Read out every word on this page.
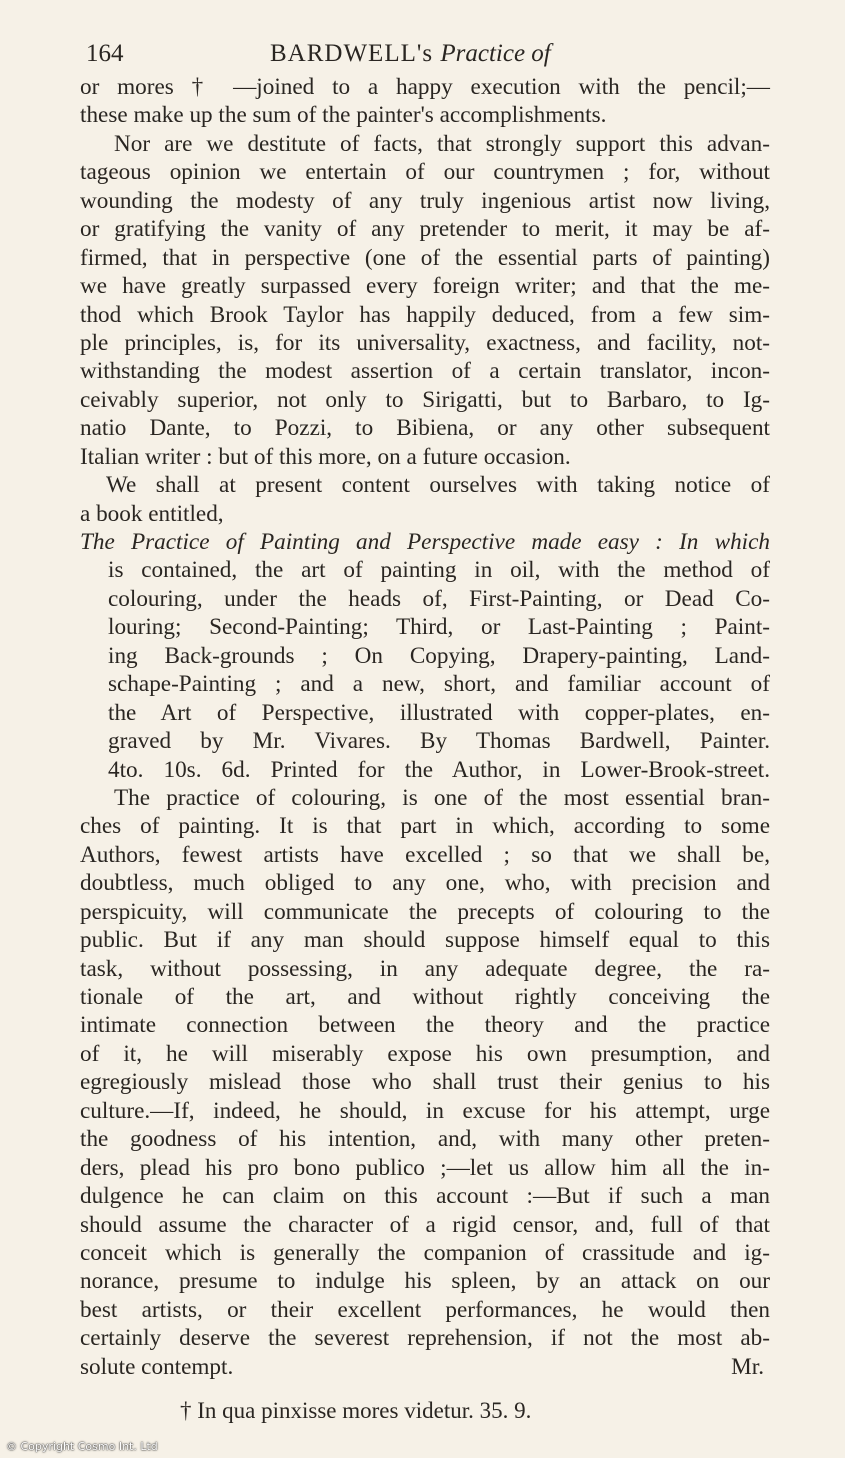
164	BARDWELL's Practice of
or mores † —joined to a happy execution with the pencil;—
these make up the sum of the painter's accomplishments.
Nor are we destitute of facts, that strongly support this advan-
tageous opinion we entertain of our countrymen ; for, without
wounding the modesty of any truly ingenious artist now living,
or gratifying the vanity of any pretender to merit, it may be af-
firmed, that in perspective (one of the essential parts of painting)
we have greatly surpassed every foreign writer; and that the me-
thod which Brook Taylor has happily deduced, from a few sim-
ple principles, is, for its universality, exactness, and facility, not-
withstanding the modest assertion of a certain translator, incon-
ceivably superior, not only to Sirigatti, but to Barbaro, to Ig-
natio Dante, to Pozzi, to Bibiena, or any other subsequent
Italian writer : but of this more, on a future occasion.
We shall at present content ourselves with taking notice of
a book entitled,
The Practice of Painting and Perspective made easy : In which
is contained, the art of painting in oil, with the method of
colouring, under the heads of, First-Painting, or Dead Co-
louring; Second-Painting; Third, or Last-Painting ; Paint-
ing Back-grounds ; On Copying, Drapery-painting, Land-
schape-Painting ; and a new, short, and familiar account of
the Art of Perspective, illustrated with copper-plates, en-
graved by Mr. Vivares. By Thomas Bardwell, Painter.
4to. 10s. 6d. Printed for the Author, in Lower-Brook-street.
The practice of colouring, is one of the most essential bran-
ches of painting. It is that part in which, according to some
Authors, fewest artists have excelled ; so that we shall be,
doubtless, much obliged to any one, who, with precision and
perspicuity, will communicate the precepts of colouring to the
public. But if any man should suppose himself equal to this
task, without possessing, in any adequate degree, the ra-
tionale of the art, and without rightly conceiving the
intimate connection between the theory and the practice
of it, he will miserably expose his own presumption, and
egregiously mislead those who shall trust their genius to his
culture.—If, indeed, he should, in excuse for his attempt, urge
the goodness of his intention, and, with many other preten-
ders, plead his pro bono publico ;—let us allow him all the in-
dulgence he can claim on this account :—But if such a man
should assume the character of a rigid censor, and, full of that
conceit which is generally the companion of crassitude and ig-
norance, presume to indulge his spleen, by an attack on our
best artists, or their excellent performances, he would then
certainly deserve the severest reprehension, if not the most ab-
solute contempt.	Mr.
† In qua pinxisse mores videtur. 35. 9.
© Copyright Cosmo Int. Ltd
